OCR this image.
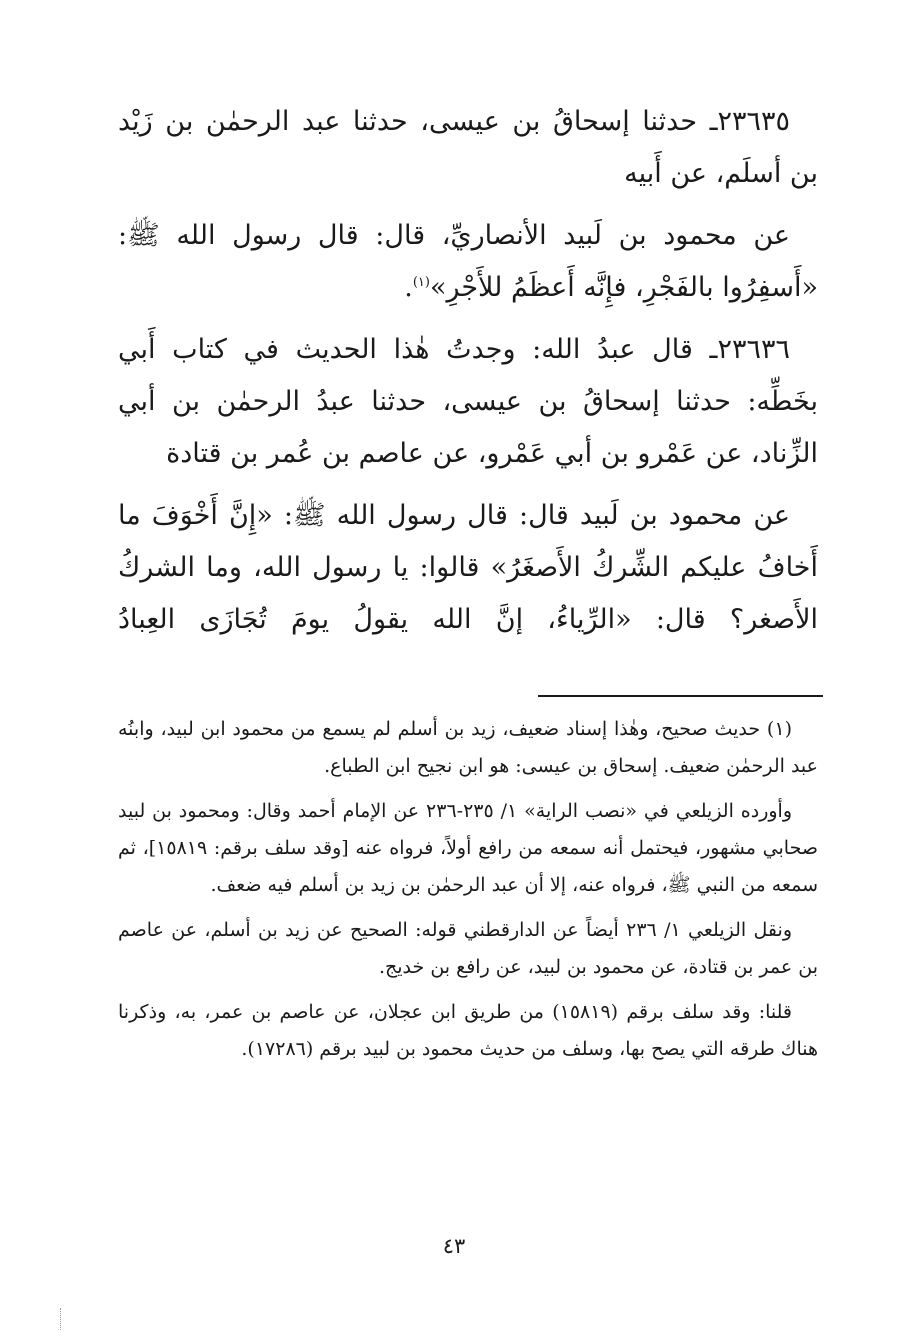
٢٣٦٣٥ـ حدثنا إسحاقُ بن عيسى، حدثنا عبد الرحمٰن بن زَيْد بن أسلَم، عن أَبيه

عن محمود بن لَبيد الأنصاريِّ، قال: قال رسول الله ﷺ: «أَسفِرُوا بالفَجْرِ، فإِنَّه أَعظَمُ للأَجْرِ»$^{(١)}$.

٢٣٦٣٦ـ قال عبدُ الله: وجدتُ هٰذا الحديث في كتاب أَبي بخَطِّه: حدثنا إسحاقُ بن عيسى، حدثنا عبدُ الرحمٰن بن أبي الزِّناد، عن عَمْرو بن أبي عَمْرو، عن عاصم بن عُمر بن قتادة

عن محمود بن لَبيد قال: قال رسول الله ﷺ: «إِنَّ أَخْوَفَ ما أَخافُ عليكم الشِّركُ الأَصغَرُ» قالوا: يا رسول الله، وما الشركُ الأَصغر؟ قال: «الرِّياءُ، إنَّ الله يقولُ يومَ تُجَازَى العِبادُ

(١) حديث صحيح، وهٰذا إسناد ضعيف، زيد بن أسلم لم يسمع من محمود ابن لبيد، وابنُه عبد الرحمٰن ضعيف. إسحاق بن عيسى: هو ابن نجيح ابن الطباع.

وأورده الزيلعي في «نصب الراية» ١/ ٢٣٥-٢٣٦ عن الإمام أحمد وقال: ومحمود بن لبيد صحابي مشهور، فيحتمل أنه سمعه من رافع أولاً، فرواه عنه [وقد سلف برقم: ١٥٨١٩]، ثم سمعه من النبي ﷺ، فرواه عنه، إلا أن عبد الرحمٰن بن زيد بن أسلم فيه ضعف.

ونقل الزيلعي ١/ ٢٣٦ أيضاً عن الدارقطني قوله: الصحيح عن زيد بن أسلم، عن عاصم بن عمر بن قتادة، عن محمود بن لبيد، عن رافع بن خديج.

قلنا: وقد سلف برقم (١٥٨١٩) من طريق ابن عجلان، عن عاصم بن عمر، به، وذكرنا هناك طرقه التي يصح بها، وسلف من حديث محمود بن لبيد برقم (١٧٢٨٦).

٤٣
